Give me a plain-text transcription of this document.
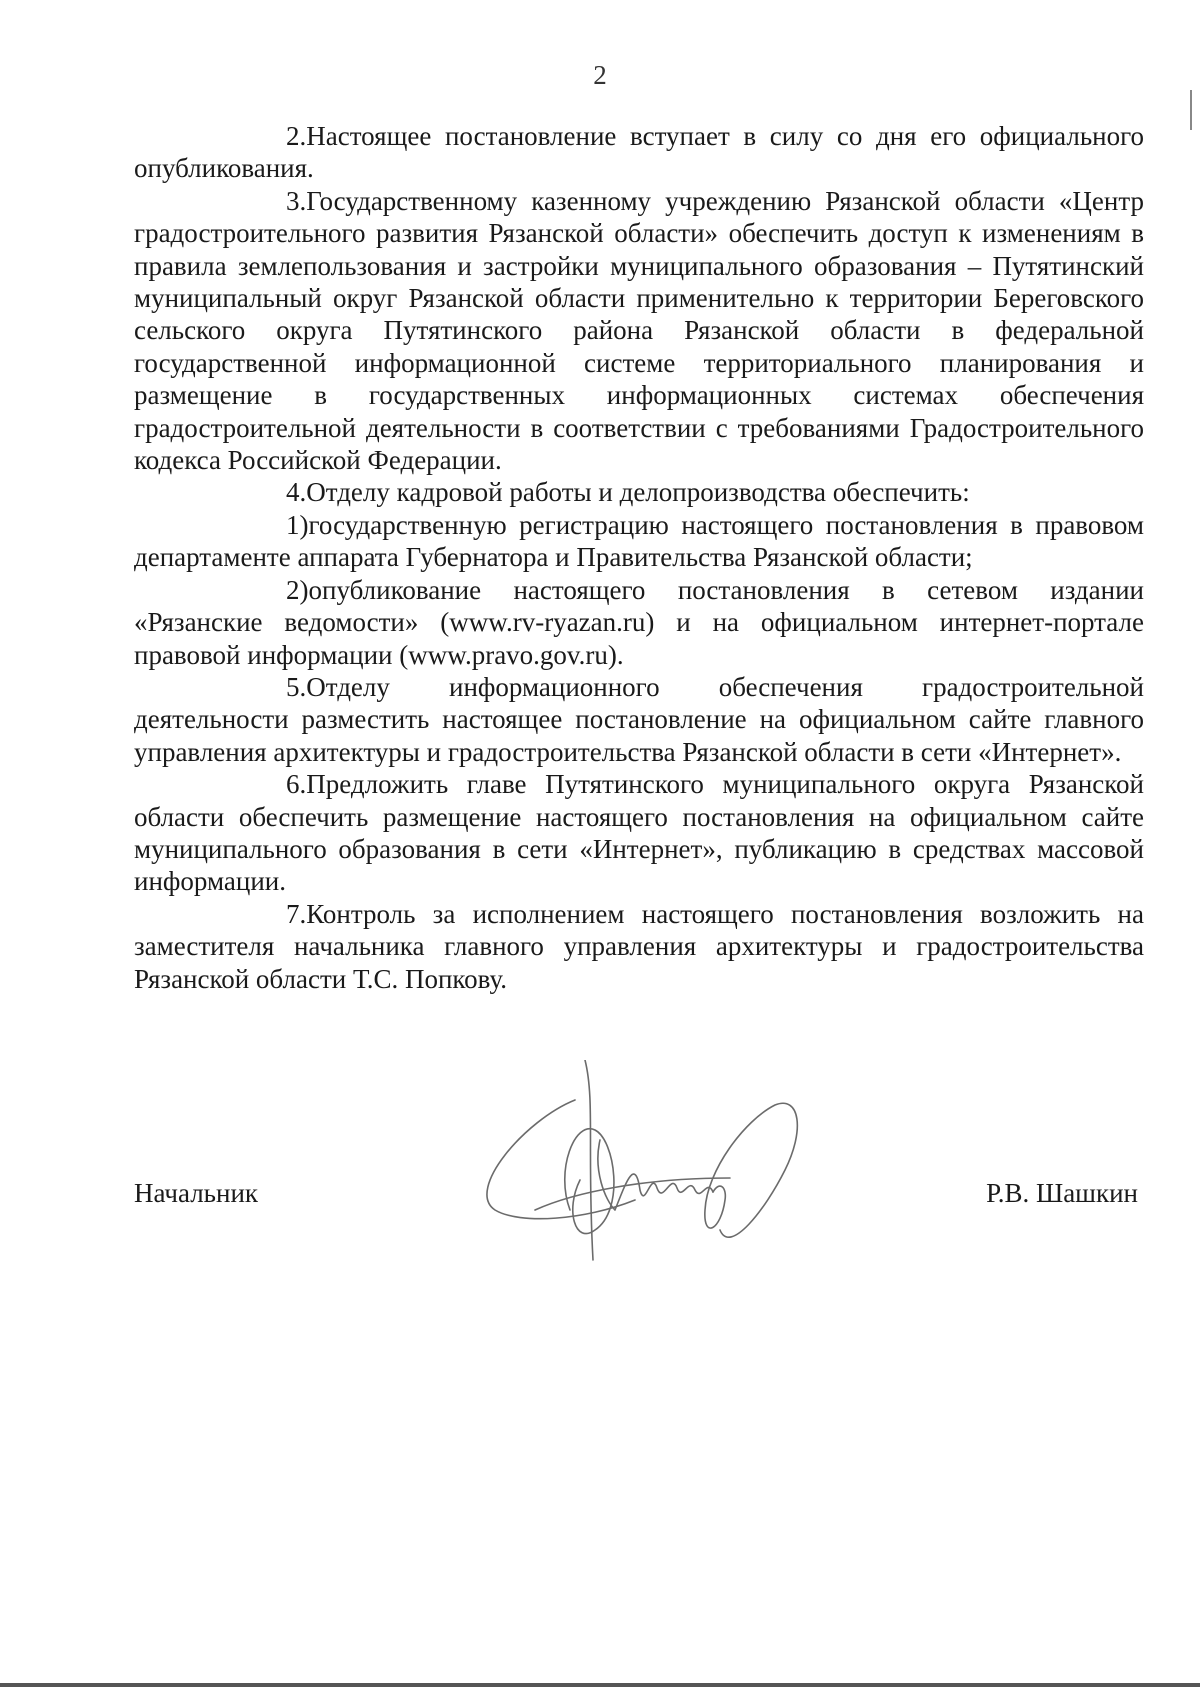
2

2.Настоящее постановление вступает в силу со дня его официального опубликования.

3.Государственному казенному учреждению Рязанской области «Центр градостроительного развития Рязанской области» обеспечить доступ к изменениям в правила землепользования и застройки муниципального образования – Путятинский муниципальный округ Рязанской области применительно к территории Береговского сельского округа Путятинского района Рязанской области в федеральной государственной информационной системе территориального планирования и размещение в государственных информационных системах обеспечения градостроительной деятельности в соответствии с требованиями Градостроительного кодекса Российской Федерации.

4.Отделу кадровой работы и делопроизводства обеспечить:

1)государственную регистрацию настоящего постановления в правовом департаменте аппарата Губернатора и Правительства Рязанской области;

2)опубликование настоящего постановления в сетевом издании «Рязанские ведомости» (www.rv-ryazan.ru) и на официальном интернет-портале правовой информации (www.pravo.gov.ru).

5.Отделу информационного обеспечения градостроительной деятельности разместить настоящее постановление на официальном сайте главного управления архитектуры и градостроительства Рязанской области в сети «Интернет».

6.Предложить главе Путятинского муниципального округа Рязанской области обеспечить размещение настоящего постановления на официальном сайте муниципального образования в сети «Интернет», публикацию в средствах массовой информации.

7.Контроль за исполнением настоящего постановления возложить на заместителя начальника главного управления архитектуры и градостроительства Рязанской области Т.С. Попкову.

Начальник	Р.В. Шашкин
